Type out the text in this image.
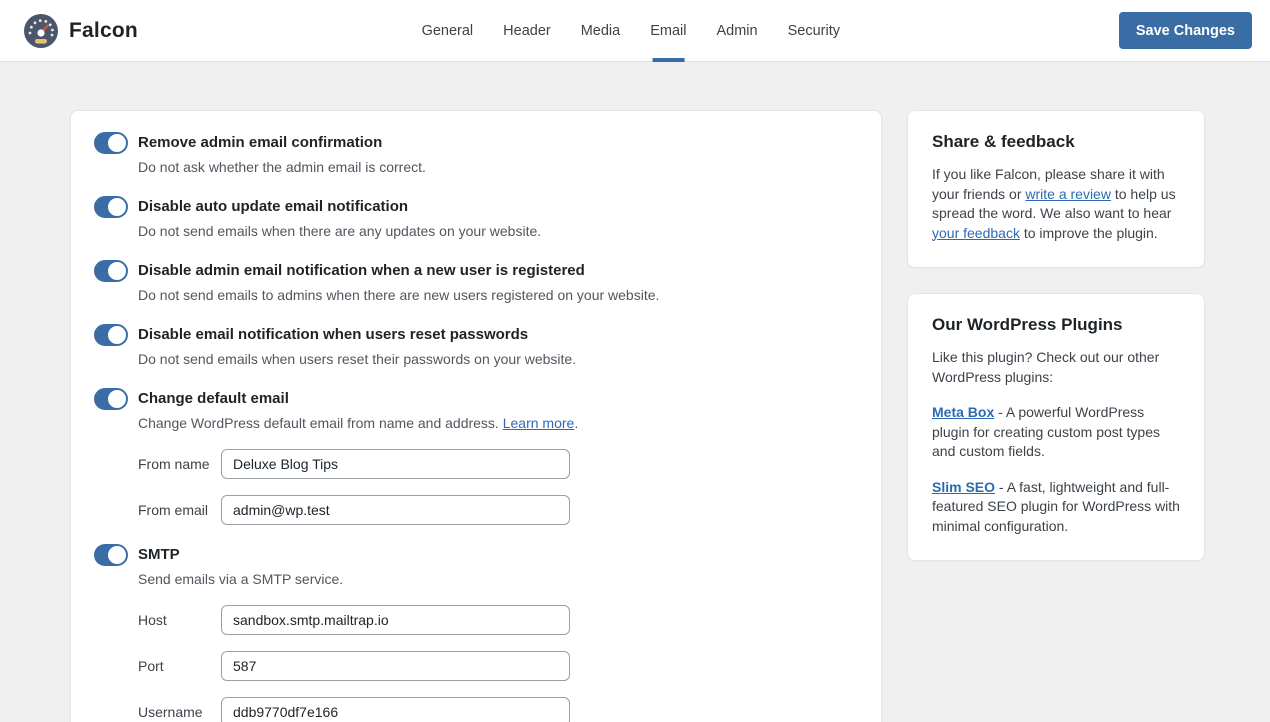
Falcon	General Header Media Email Admin Security	Save Changes
Remove admin email confirmation
Do not ask whether the admin email is correct.
Disable auto update email notification
Do not send emails when there are any updates on your website.
Disable admin email notification when a new user is registered
Do not send emails to admins when there are new users registered on your website.
Disable email notification when users reset passwords
Do not send emails when users reset their passwords on your website.
Change default email
Change WordPress default email from name and address. Learn more.
From name
Deluxe Blog Tips
From email
admin@wp.test
SMTP
Send emails via a SMTP service.
Host
sandbox.smtp.mailtrap.io
Port
587
Username
ddb9770df7e166
Share & feedback
If you like Falcon, please share it with your friends or write a review to help us spread the word. We also want to hear your feedback to improve the plugin.
Our WordPress Plugins
Like this plugin? Check out our other WordPress plugins:
Meta Box - A powerful WordPress plugin for creating custom post types and custom fields.
Slim SEO - A fast, lightweight and full-featured SEO plugin for WordPress with minimal configuration.
